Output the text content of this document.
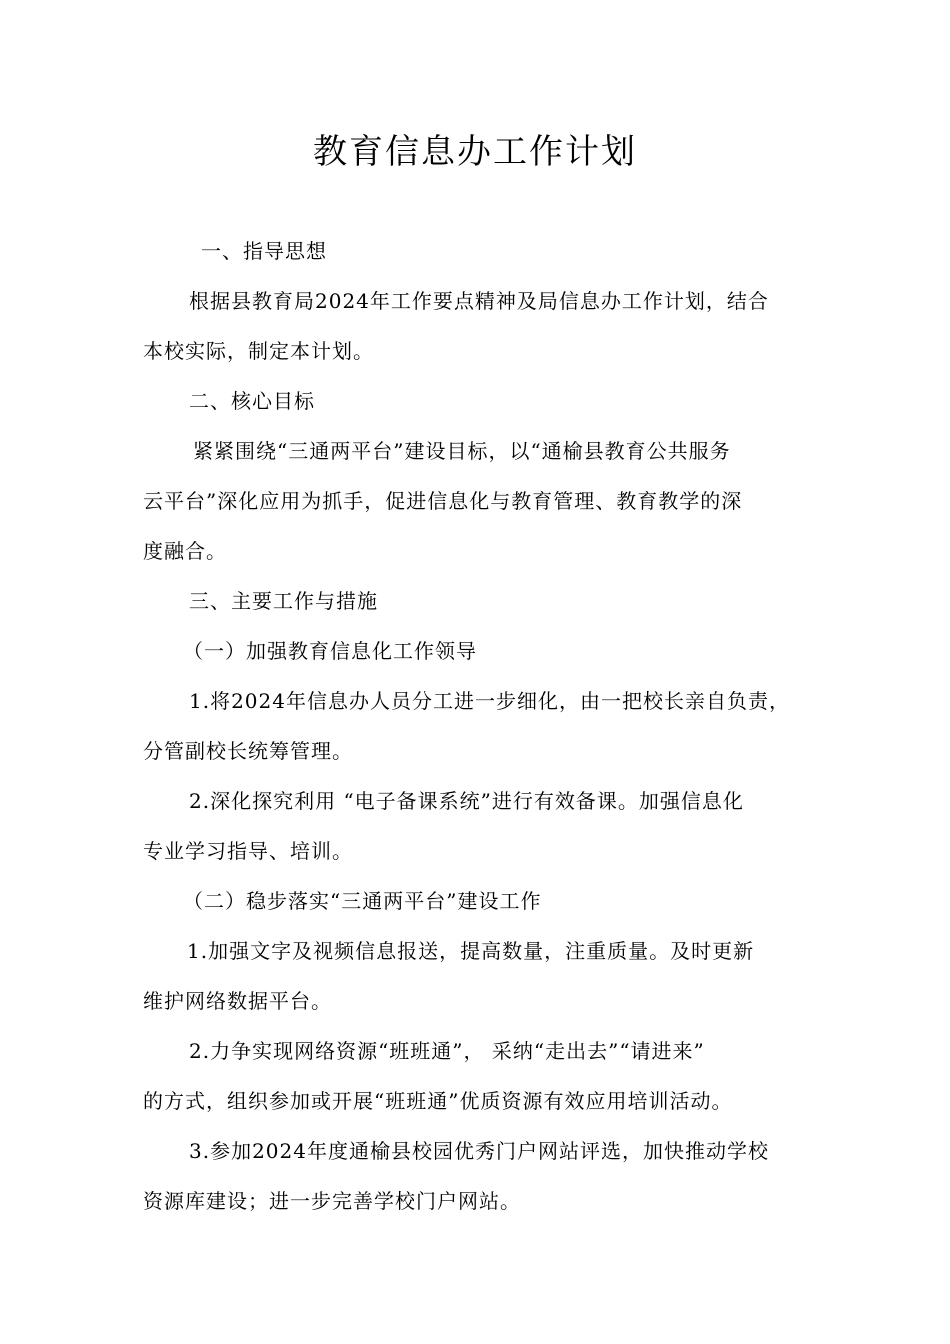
教育信息办工作计划
一、指导思想
根据县教育局2024年工作要点精神及局信息办工作计划，结合
本校实际，制定本计划。
二、核心目标
紧紧围绕“三通两平台”建设目标，以“通榆县教育公共服务
云平台”深化应用为抓手，促进信息化与教育管理、教育教学的深
度融合。
三、主要工作与措施
（一）加强教育信息化工作领导
1.将2024年信息办人员分工进一步细化，由一把校长亲自负责，
分管副校长统筹管理。
2.深化探究利用 “电子备课系统”进行有效备课。加强信息化
专业学习指导、培训。
（二）稳步落实“三通两平台”建设工作
1.加强文字及视频信息报送，提高数量，注重质量。及时更新
维护网络数据平台。
2.力争实现网络资源“班班通”， 采纳“走出去”“请进来”
的方式，组织参加或开展“班班通”优质资源有效应用培训活动。
3.参加2024年度通榆县校园优秀门户网站评选，加快推动学校
资源库建设；进一步完善学校门户网站。
